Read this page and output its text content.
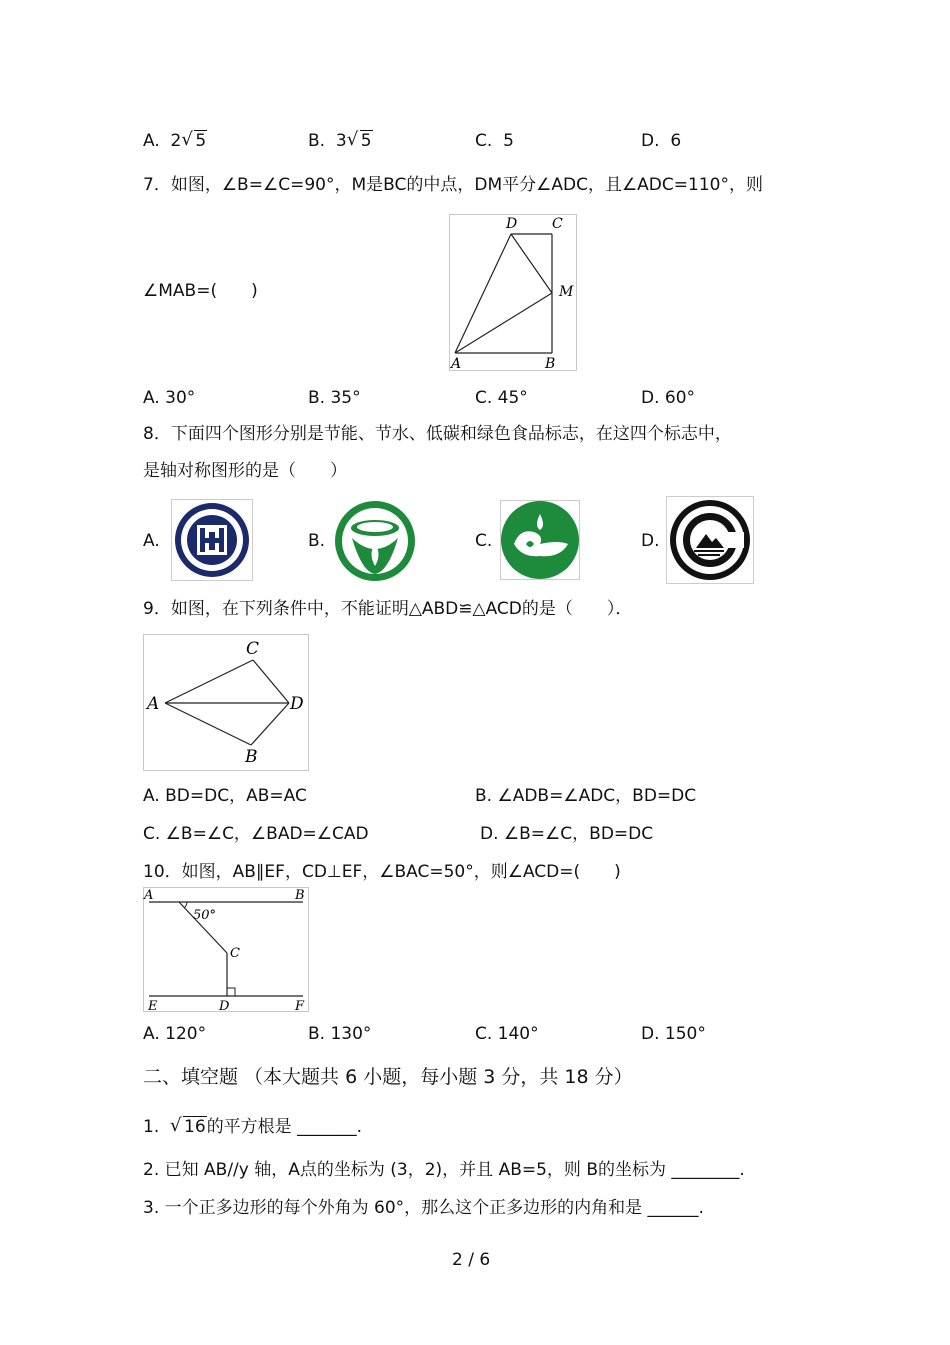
A. 2 √ 5	B. 3 √ 5	C. 5	D. 6
7．如图，∠B=∠C=90°，M是BC的中点，DM平分∠ADC，且∠ADC=110°，则
∠MAB=(　　)
D C
M
A	B
A. 30°	B. 35°	C. 45°	D. 60°
8．下面四个图形分别是节能、节水、低碳和绿色食品标志，在这四个标志中，
是轴对称图形的是（　　）
A.	B.	C.	D.
9．如图，在下列条件中，不能证明△ABD≌△ACD的是（　　）．
C
A	D
B
A. BD=DC，AB=AC	B. ∠ADB=∠ADC，BD=DC
C. ∠B=∠C，∠BAD=∠CAD	D. ∠B=∠C，BD=DC
10．如图，AB∥EF，CD⊥EF，∠BAC=50°，则∠ACD=(　　)
A	B
50°
C
E	D	F
A. 120°	B. 130°	C. 140°	D. 150°
二、填空题 （本大题共 6 小题，每小题 3 分，共 18 分）
1. √ 16的平方根是 _______.
2. 已知 AB//y 轴，A点的坐标为 (3，2)，并且 AB=5，则 B的坐标为 ________.
3. 一个正多边形的每个外角为 60°，那么这个正多边形的内角和是 ______.
2 / 6
